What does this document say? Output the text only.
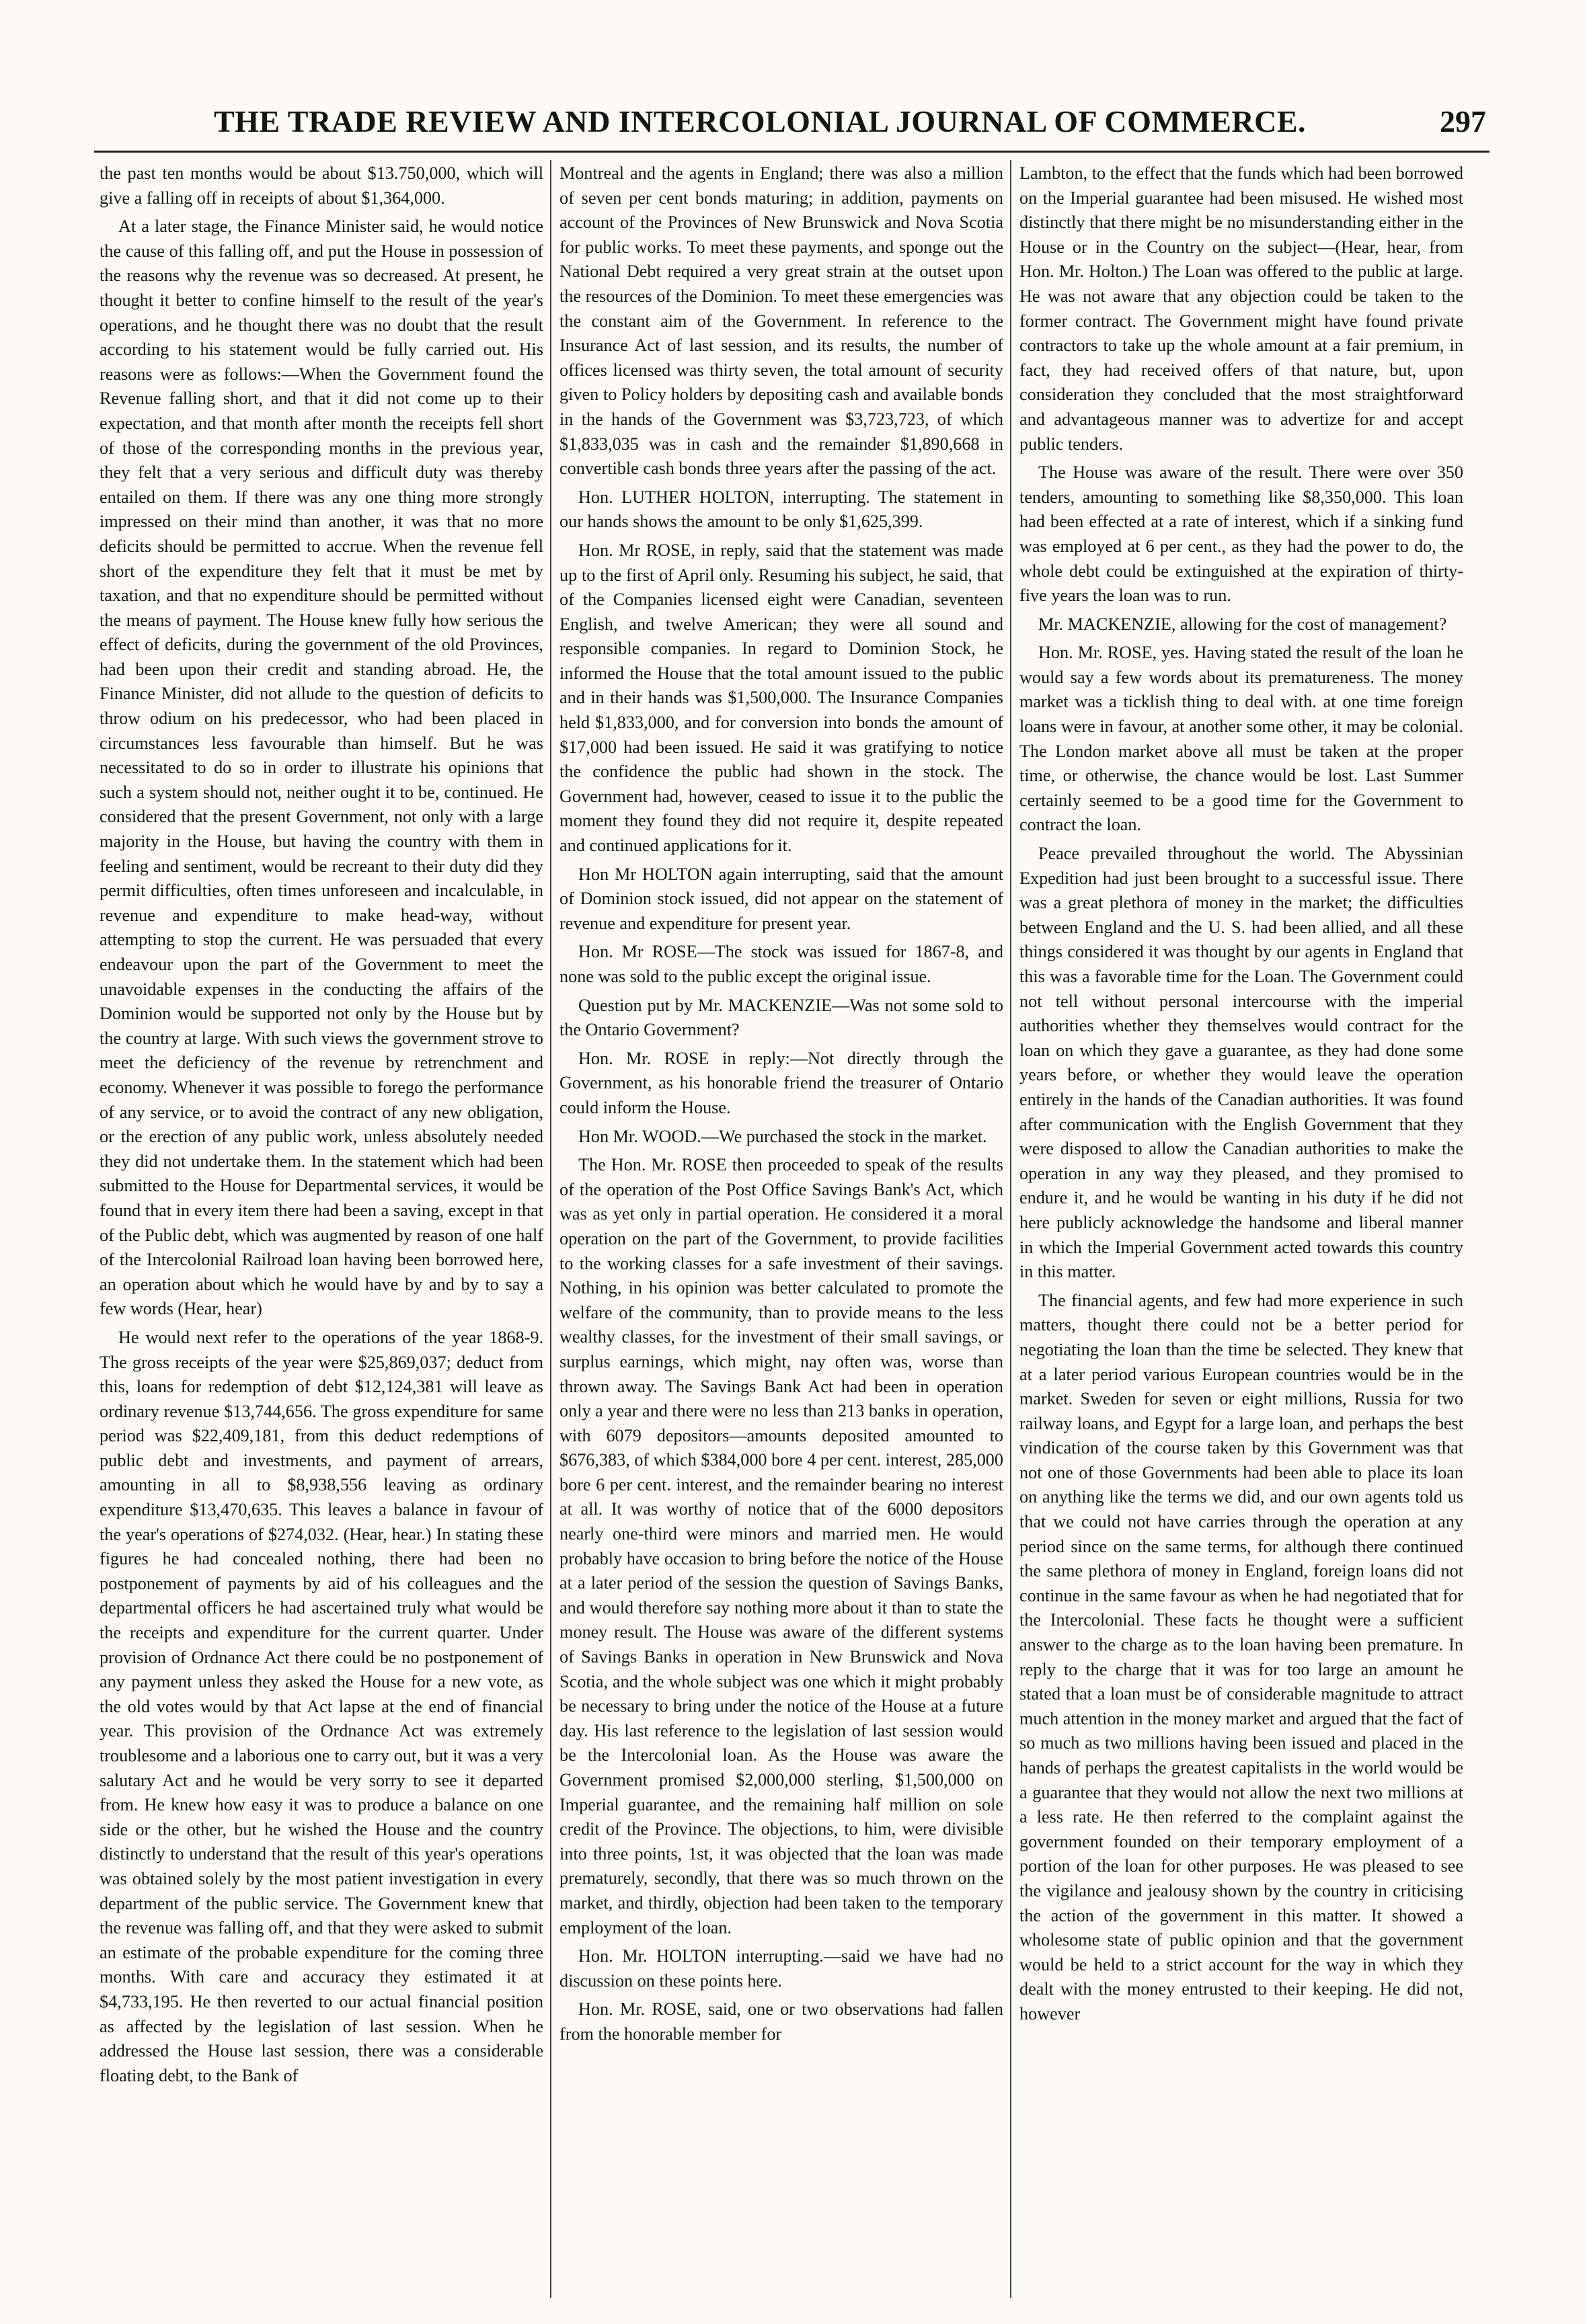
THE TRADE REVIEW AND INTERCOLONIAL JOURNAL OF COMMERCE.	297

the past ten months would be about $13.750,000, which will give a falling off in receipts of about $1,364,000.

At a later stage, the Finance Minister said, he would notice the cause of this falling off, and put the House in possession of the reasons why the revenue was so decreased. At present, he thought it better to confine himself to the result of the year's operations, and he thought there was no doubt that the result according to his statement would be fully carried out. His reasons were as follows:—When the Government found the Revenue falling short, and that it did not come up to their expectation, and that month after month the receipts fell short of those of the corresponding months in the previous year, they felt that a very serious and difficult duty was thereby entailed on them. If there was any one thing more strongly impressed on their mind than another, it was that no more deficits should be permitted to accrue. When the revenue fell short of the expenditure they felt that it must be met by taxation, and that no expenditure should be permitted without the means of payment. The House knew fully how serious the effect of deficits, during the government of the old Provinces, had been upon their credit and standing abroad. He, the Finance Minister, did not allude to the question of deficits to throw odium on his predecessor, who had been placed in circumstances less favourable than himself. But he was necessitated to do so in order to illustrate his opinions that such a system should not, neither ought it to be, continued. He considered that the present Government, not only with a large majority in the House, but having the country with them in feeling and sentiment, would be recreant to their duty did they permit difficulties, often times unforeseen and incalculable, in revenue and expenditure to make head-way, without attempting to stop the current. He was persuaded that every endeavour upon the part of the Government to meet the unavoidable expenses in the conducting the affairs of the Dominion would be supported not only by the House but by the country at large. With such views the government strove to meet the deficiency of the revenue by retrenchment and economy. Whenever it was possible to forego the performance of any service, or to avoid the contract of any new obligation, or the erection of any public work, unless absolutely needed they did not undertake them. In the statement which had been submitted to the House for Departmental services, it would be found that in every item there had been a saving, except in that of the Public debt, which was augmented by reason of one half of the Intercolonial Railroad loan having been borrowed here, an operation about which he would have by and by to say a few words (Hear, hear)

He would next refer to the operations of the year 1868-9. The gross receipts of the year were $25,869,037; deduct from this, loans for redemption of debt $12,124,381 will leave as ordinary revenue $13,744,656. The gross expenditure for same period was $22,409,181, from this deduct redemptions of public debt and investments, and payment of arrears, amounting in all to $8,938,556 leaving as ordinary expenditure $13,470,635. This leaves a balance in favour of the year's operations of $274,032. (Hear, hear.) In stating these figures he had concealed nothing, there had been no postponement of payments by aid of his colleagues and the departmental officers he had ascertained truly what would be the receipts and expenditure for the current quarter. Under provision of Ordnance Act there could be no postponement of any payment unless they asked the House for a new vote, as the old votes would by that Act lapse at the end of financial year. This provision of the Ordnance Act was extremely troublesome and a laborious one to carry out, but it was a very salutary Act and he would be very sorry to see it departed from. He knew how easy it was to produce a balance on one side or the other, but he wished the House and the country distinctly to understand that the result of this year's operations was obtained solely by the most patient investigation in every department of the public service. The Government knew that the revenue was falling off, and that they were asked to submit an estimate of the probable expenditure for the coming three months. With care and accuracy they estimated it at $4,733,195. He then reverted to our actual financial position as affected by the legislation of last session. When he addressed the House last session, there was a considerable floating debt, to the Bank of

Montreal and the agents in England; there was also a million of seven per cent bonds maturing; in addition, payments on account of the Provinces of New Brunswick and Nova Scotia for public works. To meet these payments, and sponge out the National Debt required a very great strain at the outset upon the resources of the Dominion. To meet these emergencies was the constant aim of the Government. In reference to the Insurance Act of last session, and its results, the number of offices licensed was thirty seven, the total amount of security given to Policy holders by depositing cash and available bonds in the hands of the Government was $3,723,723, of which $1,833,035 was in cash and the remainder $1,890,668 in convertible cash bonds three years after the passing of the act.

Hon. LUTHER HOLTON, interrupting. The statement in our hands shows the amount to be only $1,625,399.

Hon. Mr ROSE, in reply, said that the statement was made up to the first of April only. Resuming his subject, he said, that of the Companies licensed eight were Canadian, seventeen English, and twelve American; they were all sound and responsible companies. In regard to Dominion Stock, he informed the House that the total amount issued to the public and in their hands was $1,500,000. The Insurance Companies held $1,833,000, and for conversion into bonds the amount of $17,000 had been issued. He said it was gratifying to notice the confidence the public had shown in the stock. The Government had, however, ceased to issue it to the public the moment they found they did not require it, despite repeated and continued applications for it.

Hon Mr HOLTON again interrupting, said that the amount of Dominion stock issued, did not appear on the statement of revenue and expenditure for present year.

Hon. Mr ROSE—The stock was issued for 1867-8, and none was sold to the public except the original issue.

Question put by Mr. MACKENZIE—Was not some sold to the Ontario Government?

Hon. Mr. ROSE in reply:—Not directly through the Government, as his honorable friend the treasurer of Ontario could inform the House.

Hon Mr. WOOD.—We purchased the stock in the market.

The Hon. Mr. ROSE then proceeded to speak of the results of the operation of the Post Office Savings Bank's Act, which was as yet only in partial operation. He considered it a moral operation on the part of the Government, to provide facilities to the working classes for a safe investment of their savings. Nothing, in his opinion was better calculated to promote the welfare of the community, than to provide means to the less wealthy classes, for the investment of their small savings, or surplus earnings, which might, nay often was, worse than thrown away. The Savings Bank Act had been in operation only a year and there were no less than 213 banks in operation, with 6079 depositors—amounts deposited amounted to $676,383, of which $384,000 bore 4 per cent. interest, 285,000 bore 6 per cent. interest, and the remainder bearing no interest at all. It was worthy of notice that of the 6000 depositors nearly one-third were minors and married men. He would probably have occasion to bring before the notice of the House at a later period of the session the question of Savings Banks, and would therefore say nothing more about it than to state the money result. The House was aware of the different systems of Savings Banks in operation in New Brunswick and Nova Scotia, and the whole subject was one which it might probably be necessary to bring under the notice of the House at a future day. His last reference to the legislation of last session would be the Intercolonial loan. As the House was aware the Government promised $2,000,000 sterling, $1,500,000 on Imperial guarantee, and the remaining half million on sole credit of the Province. The objections, to him, were divisible into three points, 1st, it was objected that the loan was made prematurely, secondly, that there was so much thrown on the market, and thirdly, objection had been taken to the temporary employment of the loan.

Hon. Mr. HOLTON interrupting.—said we have had no discussion on these points here.

Hon. Mr. ROSE, said, one or two observations had fallen from the honorable member for

Lambton, to the effect that the funds which had been borrowed on the Imperial guarantee had been misused. He wished most distinctly that there might be no misunderstanding either in the House or in the Country on the subject—(Hear, hear, from Hon. Mr. Holton.) The Loan was offered to the public at large. He was not aware that any objection could be taken to the former contract. The Government might have found private contractors to take up the whole amount at a fair premium, in fact, they had received offers of that nature, but, upon consideration they concluded that the most straightforward and advantageous manner was to advertize for and accept public tenders.

The House was aware of the result. There were over 350 tenders, amounting to something like $8,350,000. This loan had been effected at a rate of interest, which if a sinking fund was employed at 6 per cent., as they had the power to do, the whole debt could be extinguished at the expiration of thirty-five years the loan was to run.

Mr. MACKENZIE, allowing for the cost of management?

Hon. Mr. ROSE, yes. Having stated the result of the loan he would say a few words about its prematureness. The money market was a ticklish thing to deal with. at one time foreign loans were in favour, at another some other, it may be colonial. The London market above all must be taken at the proper time, or otherwise, the chance would be lost. Last Summer certainly seemed to be a good time for the Government to contract the loan.

Peace prevailed throughout the world. The Abyssinian Expedition had just been brought to a successful issue. There was a great plethora of money in the market; the difficulties between England and the U. S. had been allied, and all these things considered it was thought by our agents in England that this was a favorable time for the Loan. The Government could not tell without personal intercourse with the imperial authorities whether they themselves would contract for the loan on which they gave a guarantee, as they had done some years before, or whether they would leave the operation entirely in the hands of the Canadian authorities. It was found after communication with the English Government that they were disposed to allow the Canadian authorities to make the operation in any way they pleased, and they promised to endure it, and he would be wanting in his duty if he did not here publicly acknowledge the handsome and liberal manner in which the Imperial Government acted towards this country in this matter.

The financial agents, and few had more experience in such matters, thought there could not be a better period for negotiating the loan than the time be selected. They knew that at a later period various European countries would be in the market. Sweden for seven or eight millions, Russia for two railway loans, and Egypt for a large loan, and perhaps the best vindication of the course taken by this Government was that not one of those Governments had been able to place its loan on anything like the terms we did, and our own agents told us that we could not have carries through the operation at any period since on the same terms, for although there continued the same plethora of money in England, foreign loans did not continue in the same favour as when he had negotiated that for the Intercolonial. These facts he thought were a sufficient answer to the charge as to the loan having been premature. In reply to the charge that it was for too large an amount he stated that a loan must be of considerable magnitude to attract much attention in the money market and argued that the fact of so much as two millions having been issued and placed in the hands of perhaps the greatest capitalists in the world would be a guarantee that they would not allow the next two millions at a less rate. He then referred to the complaint against the government founded on their temporary employment of a portion of the loan for other purposes. He was pleased to see the vigilance and jealousy shown by the country in criticising the action of the government in this matter. It showed a wholesome state of public opinion and that the government would be held to a strict account for the way in which they dealt with the money entrusted to their keeping. He did not, however
